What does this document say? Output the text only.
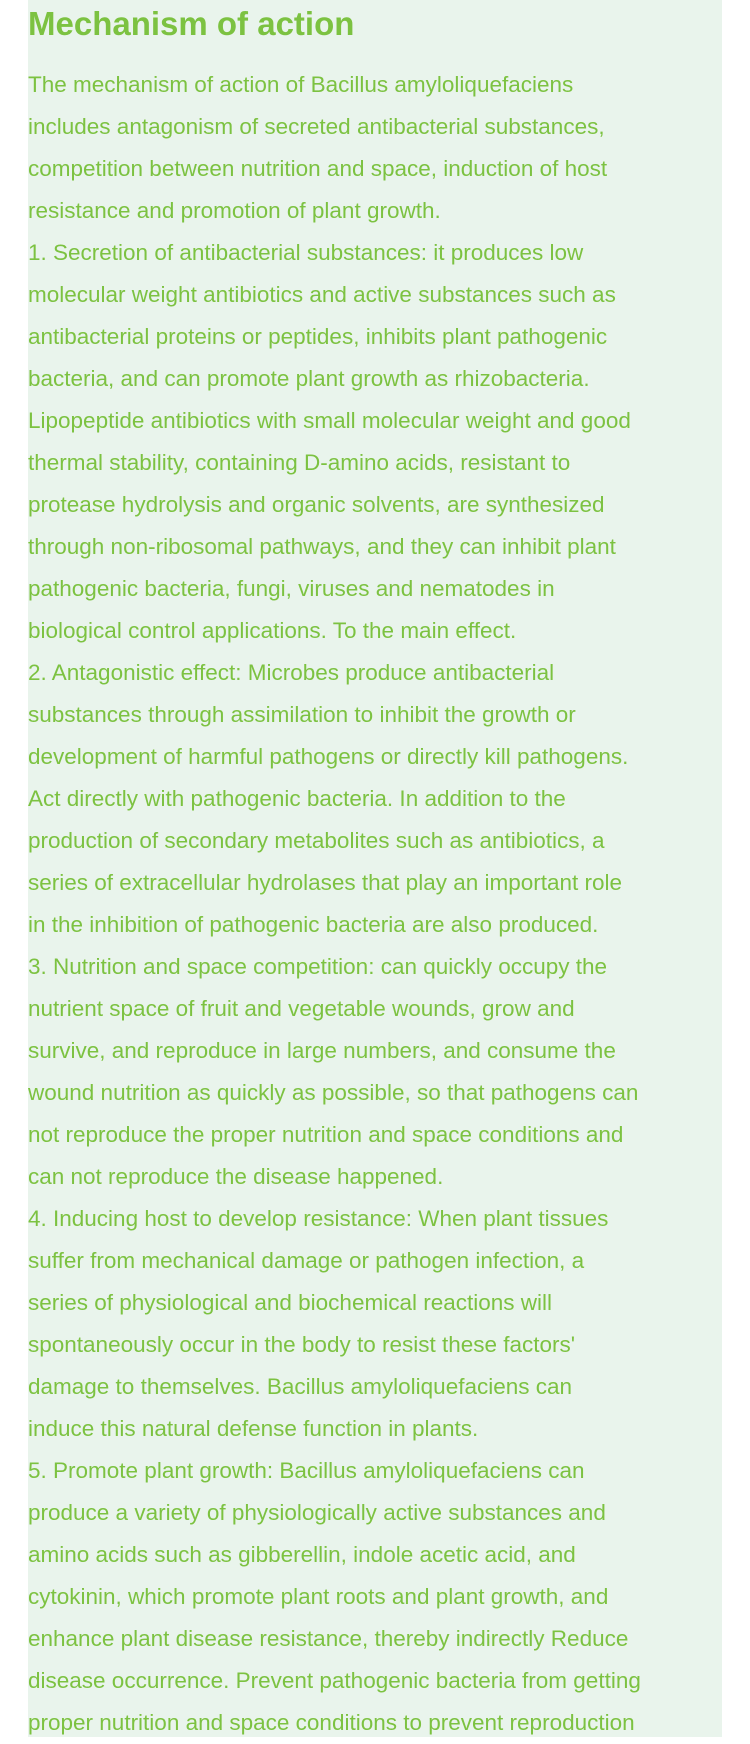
Mechanism of action
The mechanism of action of Bacillus amyloliquefaciens
includes antagonism of secreted antibacterial substances,
competition between nutrition and space, induction of host
resistance and promotion of plant growth.
1. Secretion of antibacterial substances: it produces low
molecular weight antibiotics and active substances such as
antibacterial proteins or peptides, inhibits plant pathogenic
bacteria, and can promote plant growth as rhizobacteria.
Lipopeptide antibiotics with small molecular weight and good
thermal stability, containing D-amino acids, resistant to
protease hydrolysis and organic solvents, are synthesized
through non-ribosomal pathways, and they can inhibit plant
pathogenic bacteria, fungi, viruses and nematodes in
biological control applications. To the main effect.
2. Antagonistic effect: Microbes produce antibacterial
substances through assimilation to inhibit the growth or
development of harmful pathogens or directly kill pathogens.
Act directly with pathogenic bacteria. In addition to the
production of secondary metabolites such as antibiotics, a
series of extracellular hydrolases that play an important role
in the inhibition of pathogenic bacteria are also produced.
3. Nutrition and space competition: can quickly occupy the
nutrient space of fruit and vegetable wounds, grow and
survive, and reproduce in large numbers, and consume the
wound nutrition as quickly as possible, so that pathogens can
not reproduce the proper nutrition and space conditions and
can not reproduce the disease happened.
4. Inducing host to develop resistance: When plant tissues
suffer from mechanical damage or pathogen infection, a
series of physiological and biochemical reactions will
spontaneously occur in the body to resist these factors'
damage to themselves. Bacillus amyloliquefaciens can
induce this natural defense function in plants.
5. Promote plant growth: Bacillus amyloliquefaciens can
produce a variety of physiologically active substances and
amino acids such as gibberellin, indole acetic acid, and
cytokinin, which promote plant roots and plant growth, and
enhance plant disease resistance, thereby indirectly Reduce
disease occurrence. Prevent pathogenic bacteria from getting
proper nutrition and space conditions to prevent reproduction
